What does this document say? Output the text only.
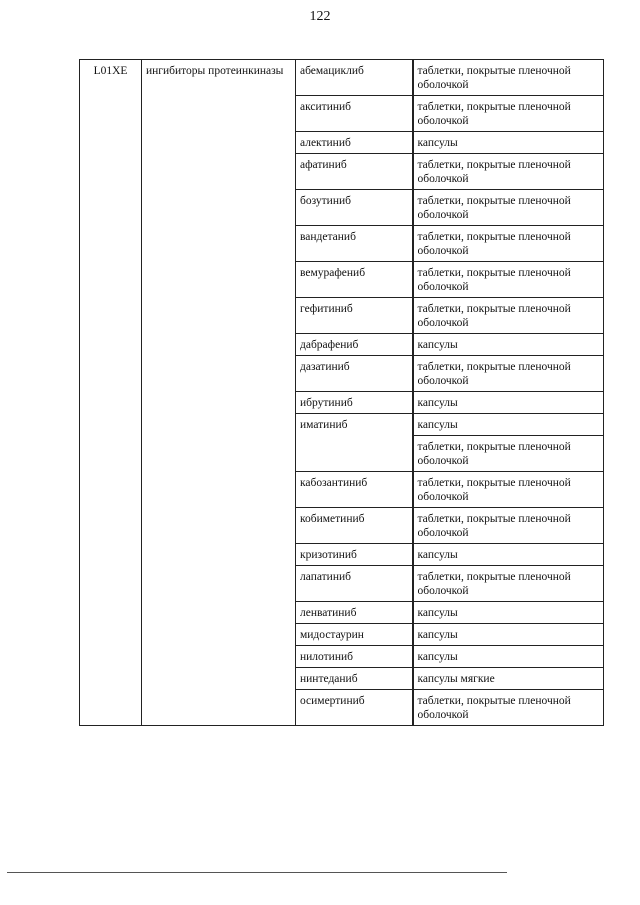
122
L01XE	ингибиторы протеинкиназы	абемациклиб	таблетки, покрытые пленочной оболочкой
		акситиниб	таблетки, покрытые пленочной оболочкой
		алектиниб	капсулы
		афатиниб	таблетки, покрытые пленочной оболочкой
		бозутиниб	таблетки, покрытые пленочной оболочкой
		вандетаниб	таблетки, покрытые пленочной оболочкой
		вемурафениб	таблетки, покрытые пленочной оболочкой
		гефитиниб	таблетки, покрытые пленочной оболочкой
		дабрафениб	капсулы
		дазатиниб	таблетки, покрытые пленочной оболочкой
		ибрутиниб	капсулы
		иматиниб	капсулы
			таблетки, покрытые пленочной оболочкой
		кабозантиниб	таблетки, покрытые пленочной оболочкой
		кобиметиниб	таблетки, покрытые пленочной оболочкой
		кризотиниб	капсулы
		лапатиниб	таблетки, покрытые пленочной оболочкой
		ленватиниб	капсулы
		мидостаурин	капсулы
		нилотиниб	капсулы
		нинтеданиб	капсулы мягкие
		осимертиниб	таблетки, покрытые пленочной оболочкой
